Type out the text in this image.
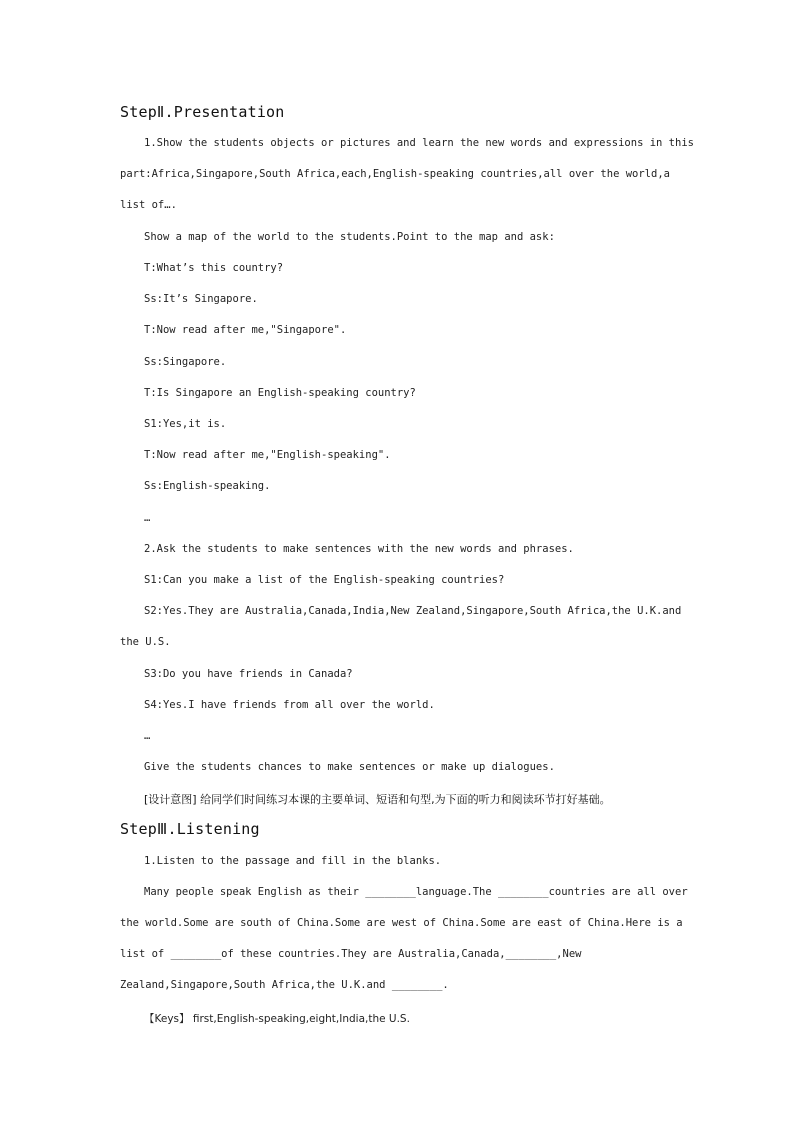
StepⅡ.Presentation
1.Show the students objects or pictures and learn the new words and expressions in this
part:Africa,Singapore,South Africa,each,English-speaking countries,all over the world,a
list of….
Show a map of the world to the students.Point to the map and ask:
T:What’s this country?
Ss:It’s Singapore.
T:Now read after me,"Singapore".
Ss:Singapore.
T:Is Singapore an English-speaking country?
S1:Yes,it is.
T:Now read after me,"English-speaking".
Ss:English-speaking.
…
2.Ask the students to make sentences with the new words and phrases.
S1:Can you make a list of the English-speaking countries?
S2:Yes.They are Australia,Canada,India,New Zealand,Singapore,South Africa,the U.K.and
the U.S.
S3:Do you have friends in Canada?
S4:Yes.I have friends from all over the world.
…
Give the students chances to make sentences or make up dialogues.
[设计意图] 给同学们时间练习本课的主要单词、短语和句型,为下面的听力和阅读环节打好基础。
StepⅢ.Listening
1.Listen to the passage and fill in the blanks.
Many people speak English as their ________language.The ________countries are all over
the world.Some are south of China.Some are west of China.Some are east of China.Here is a
list of ________of these countries.They are Australia,Canada,________,New
Zealand,Singapore,South Africa,the U.K.and ________.
【Keys】 first,English-speaking,eight,India,the U.S.
